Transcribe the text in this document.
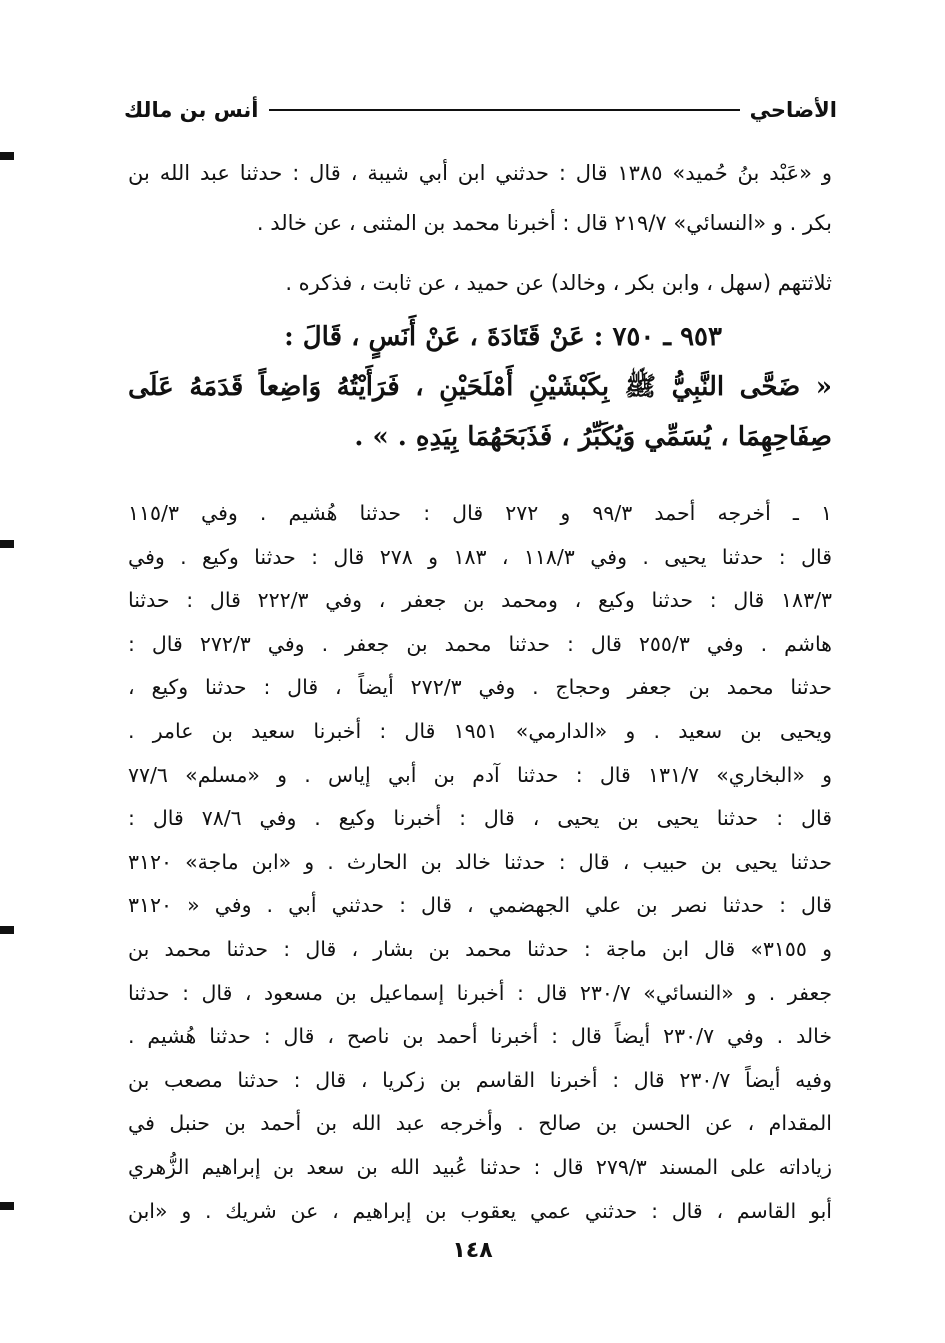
الأضاحي
أنس بن مالك
و «عَبْد بنُ حُميد» ١٣٨٥ قال : حدثني ابن أبي شيبة ، قال : حدثنا عبد الله بن
بكر . و «النسائي» ٢١٩/٧ قال : أخبرنا محمد بن المثنى ، عن خالد .
ثلاثتهم (سهل ، وابن بكر ، وخالد) عن حميد ، عن ثابت ، فذكره .
٩٥٣ ـ ٧٥٠ : عَنْ قَتَادَةَ ، عَنْ أَنَسٍ ، قَالَ :
« ضَحَّى النَّبِيُّ ﷺ بِكَبْشَيْنِ أَمْلَحَيْنِ ، فَرَأَيْتُهُ وَاضِعاً قَدَمَهُ عَلَى
صِفَاحِهِمَا ، يُسَمِّي وَيُكَبِّرُ ، فَذَبَحَهُمَا بِيَدِهِ . » .
١ ـ أخرجه أحمد ٩٩/٣ و ٢٧٢ قال : حدثنا هُشيم . وفي ١١٥/٣
قال : حدثنا يحيى . وفي ١١٨/٣ ، ١٨٣ و ٢٧٨ قال : حدثنا وكيع . وفي
١٨٣/٣ قال : حدثنا وكيع ، ومحمد بن جعفر ، وفي ٢٢٢/٣ قال : حدثنا
هاشم . وفي ٢٥٥/٣ قال : حدثنا محمد بن جعفر . وفي ٢٧٢/٣ قال :
حدثنا محمد بن جعفر وحجاج . وفي ٢٧٢/٣ أيضاً ، قال : حدثنا وكيع ،
ويحيى بن سعيد . و «الدارمي» ١٩٥١ قال : أخبرنا سعيد بن عامر .
و «البخاري» ١٣١/٧ قال : حدثنا آدم بن أبي إياس . و «مسلم» ٧٧/٦
قال : حدثنا يحيى بن يحيى ، قال : أخبرنا وكيع . وفي ٧٨/٦ قال :
حدثنا يحيى بن حبيب ، قال : حدثنا خالد بن الحارث . و «ابن ماجة» ٣١٢٠
قال : حدثنا نصر بن علي الجهضمي ، قال : حدثني أبي . وفي « ٣١٢٠
و ٣١٥٥» قال ابن ماجة : حدثنا محمد بن بشار ، قال : حدثنا محمد بن
جعفر . و «النسائي» ٢٣٠/٧ قال : أخبرنا إسماعيل بن مسعود ، قال : حدثنا
خالد . وفي ٢٣٠/٧ أيضاً قال : أخبرنا أحمد بن ناصح ، قال : حدثنا هُشيم .
وفيه أيضاً ٢٣٠/٧ قال : أخبرنا القاسم بن زكريا ، قال : حدثنا مصعب بن
المقدام ، عن الحسن بن صالح . وأخرجه عبد الله بن أحمد بن حنبل في
زياداته على المسند ٢٧٩/٣ قال : حدثنا عُبيد الله بن سعد بن إبراهيم الزُّهري
أبو القاسم ، قال : حدثني عمي يعقوب بن إبراهيم ، عن شريك . و «ابن
١٤٨
